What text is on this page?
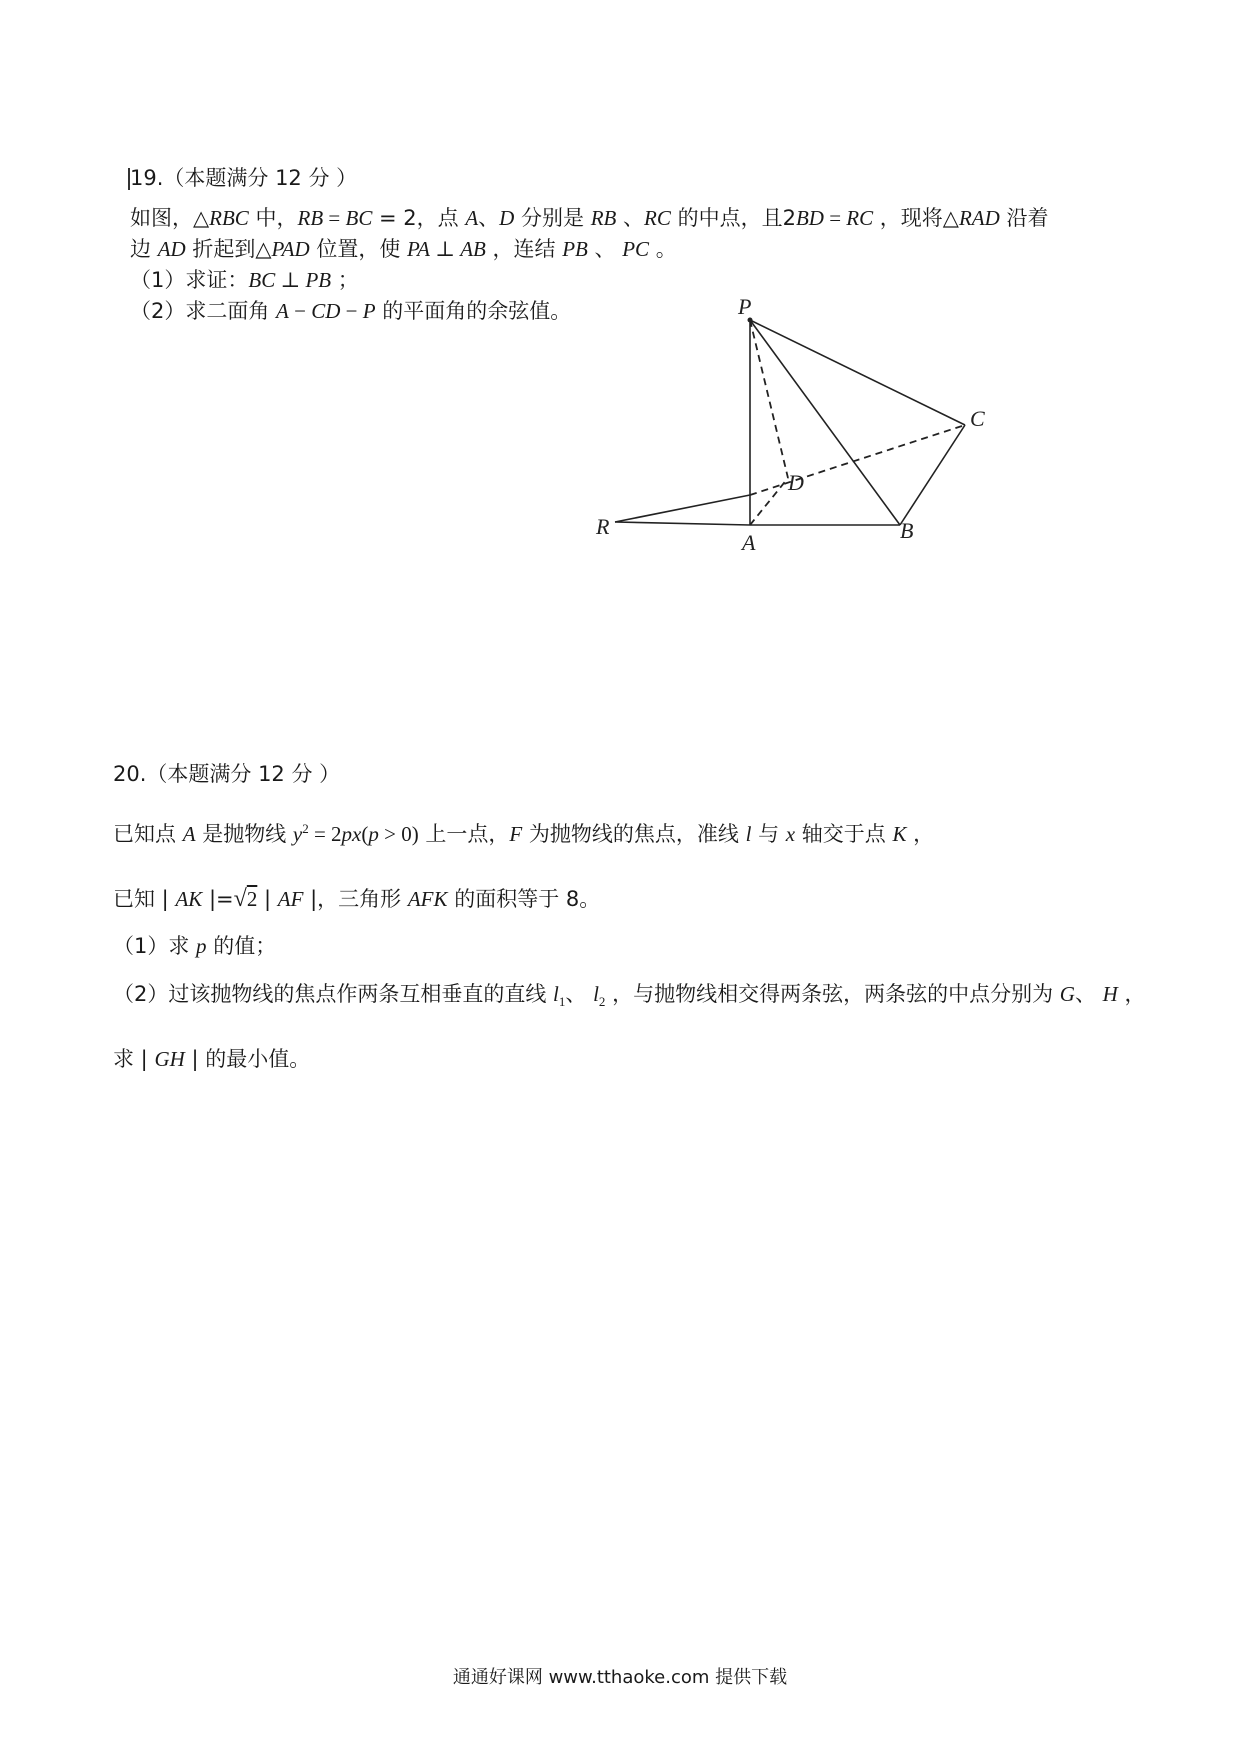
19.（本题满分 12 分 ）
如图，△RBC 中，RB = BC = 2，点 A、D 分别是 RB 、RC 的中点，且2BD = RC ，现将△RAD 沿着
边 AD 折起到△PAD 位置，使 PA ⊥ AB ，连结 PB 、 PC 。
（1）求证：BC ⊥ PB ；
（2）求二面角 A − CD − P 的平面角的余弦值。	P
C
D
R
A	B
20.（本题满分 12 分 ）
已知点 A 是抛物线 $y^2 = 2px(p > 0)$ 上一点，F 为抛物线的焦点，准线 l 与 x 轴交于点 K ，
已知 | AK |=√2 | AF |，三角形 AFK 的面积等于 8。
（1）求 p 的值；
（2）过该抛物线的焦点作两条互相垂直的直线 $l_1$、 $l_2$ ，与抛物线相交得两条弦，两条弦的中点分别为 G、 H ，
求 | GH | 的最小值。
通通好课网 www.tthaoke.com 提供下载
